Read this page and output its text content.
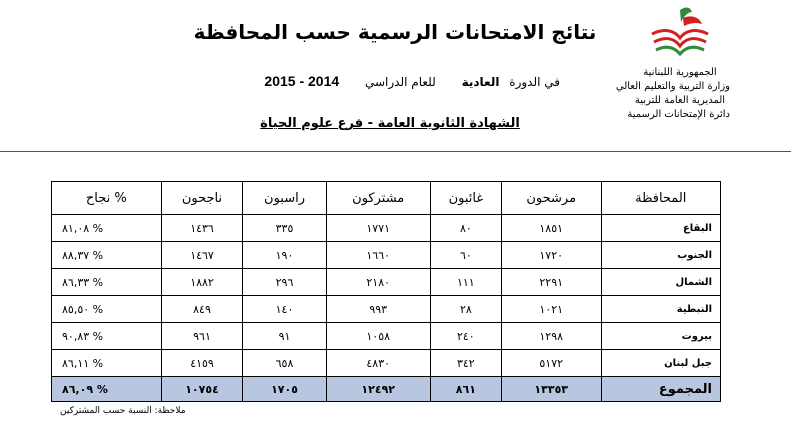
الجمهورية اللبنانية
وزارة التربية والتعليم العالي
المديرية العامة للتربية
دائرة الإمتحانات الرسمية
نتائج الامتحانات الرسمية حسب المحافظة
في الدورة العادية للعام الدراسي 2015 - 2014
الشهادة الثانوية العامة - فرع علوم الحياة
المحافظة	مرشحون	غائبون	مشتركون	راسبون	ناجحون	% نجاح
البقاع	١٨٥١	٨٠	١٧٧١	٣٣٥	١٤٣٦	% ٨١,٠٨
الجنوب	١٧٢٠	٦٠	١٦٦٠	١٩٠	١٤٦٧	% ٨٨,٣٧
الشمال	٢٢٩١	١١١	٢١٨٠	٢٩٦	١٨٨٢	% ٨٦,٣٣
النبطية	١٠٢١	٢٨	٩٩٣	١٤٠	٨٤٩	% ٨٥,٥٠
بيروت	١٢٩٨	٢٤٠	١٠٥٨	٩١	٩٦١	% ٩٠,٨٣
جبل لبنان	٥١٧٢	٣٤٢	٤٨٣٠	٦٥٨	٤١٥٩	% ٨٦,١١
المجموع	١٣٣٥٣	٨٦١	١٢٤٩٢	١٧٠٥	١٠٧٥٤	% ٨٦,٠٩
ملاحظة: النسبة حسب المشتركين
